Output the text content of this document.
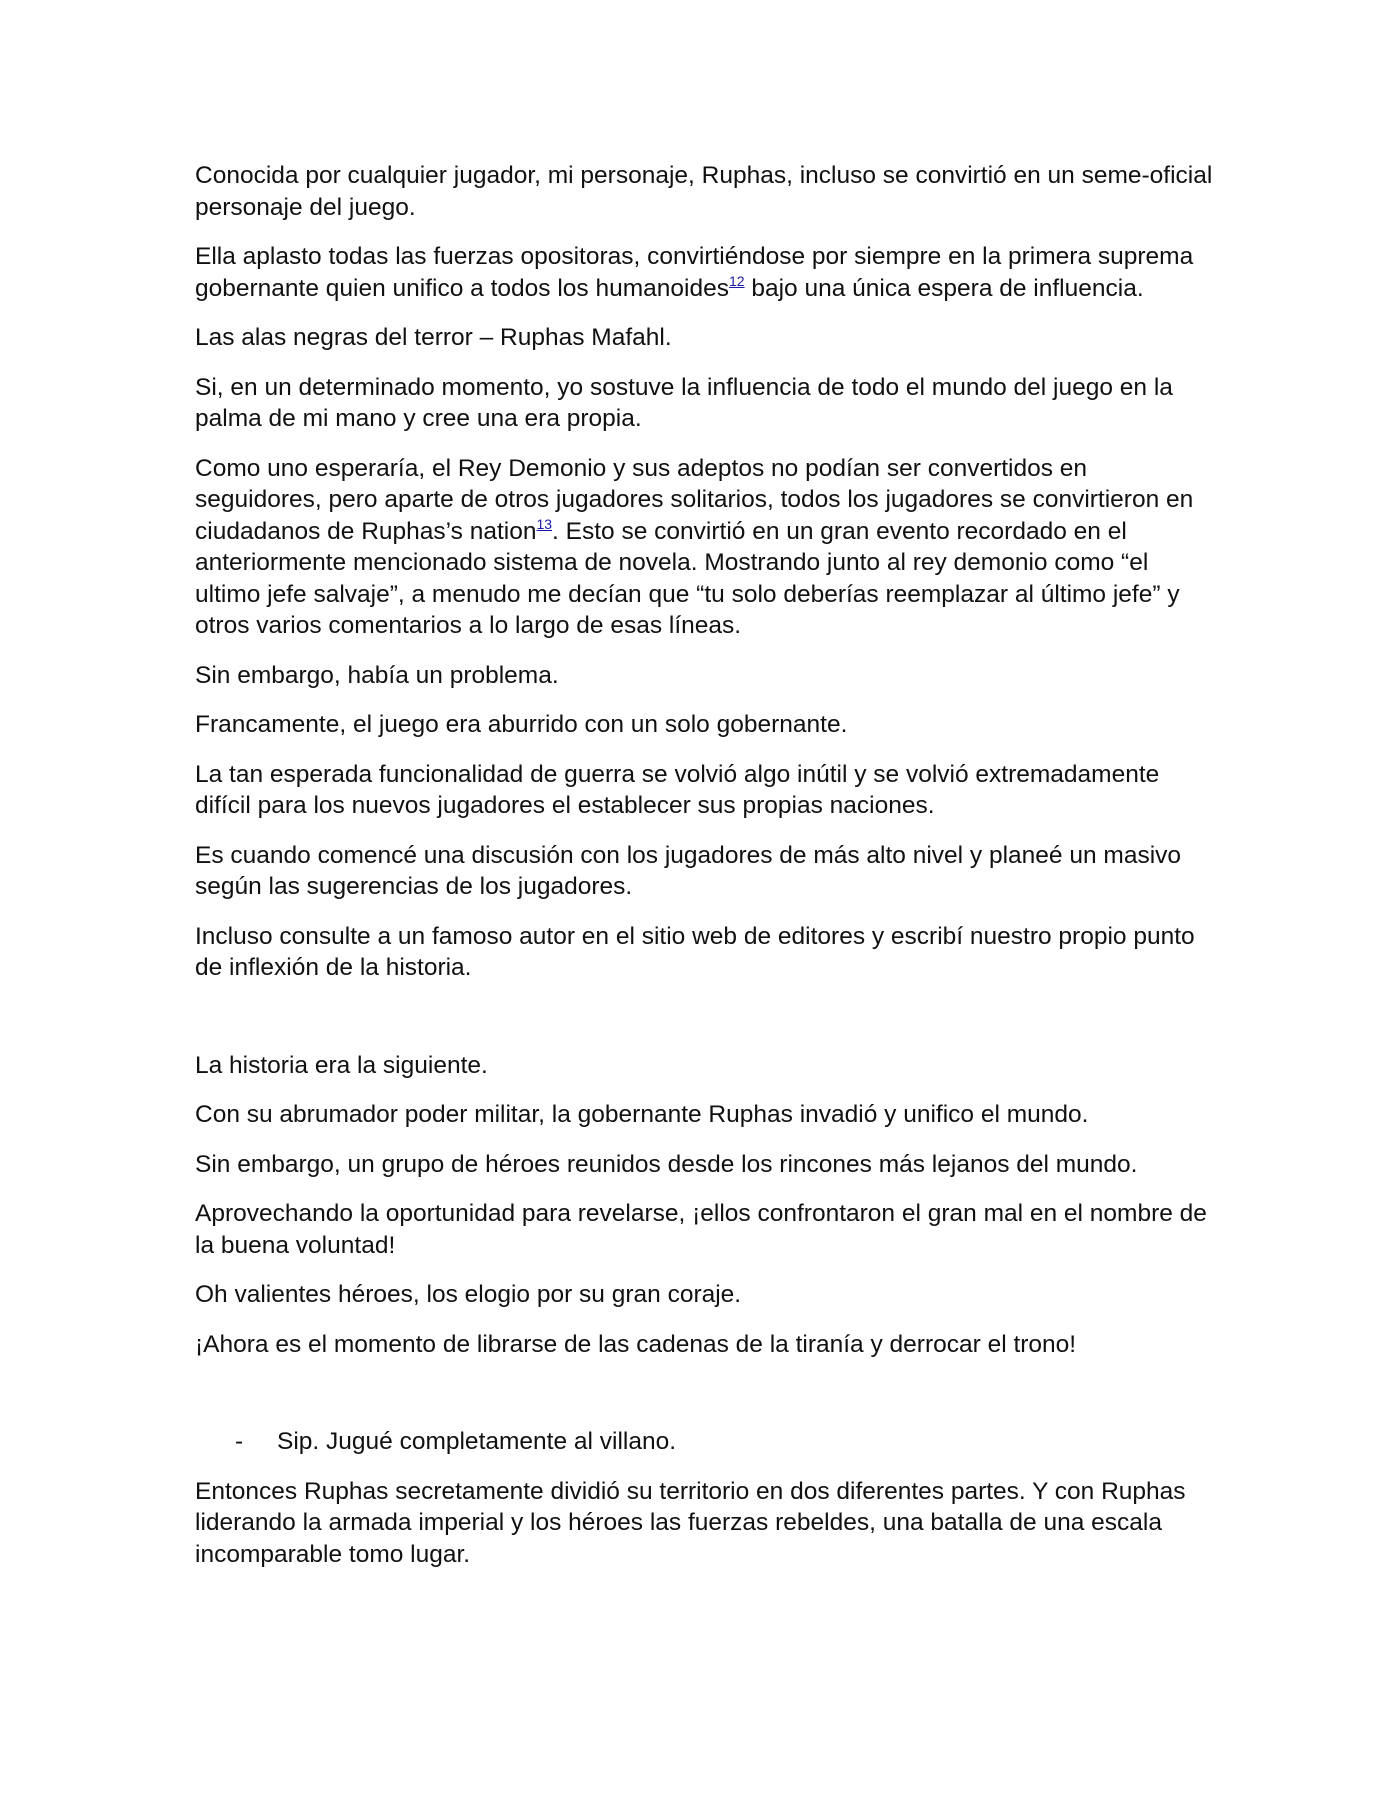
Conocida por cualquier jugador, mi personaje, Ruphas, incluso se convirtió en un seme-oficial personaje del juego.

Ella aplasto todas las fuerzas opositoras, convirtiéndose por siempre en la primera suprema gobernante quien unifico a todos los humanoides$^{12}$ bajo una única espera de influencia.

Las alas negras del terror – Ruphas Mafahl.

Si, en un determinado momento, yo sostuve la influencia de todo el mundo del juego en la palma de mi mano y cree una era propia.

Como uno esperaría, el Rey Demonio y sus adeptos no podían ser convertidos en seguidores, pero aparte de otros jugadores solitarios, todos los jugadores se convirtieron en ciudadanos de Ruphas’s nation$^{13}$. Esto se convirtió en un gran evento recordado en el anteriormente mencionado sistema de novela. Mostrando junto al rey demonio como “el ultimo jefe salvaje”, a menudo me decían que “tu solo deberías reemplazar al último jefe” y otros varios comentarios a lo largo de esas líneas.

Sin embargo, había un problema.

Francamente, el juego era aburrido con un solo gobernante.

La tan esperada funcionalidad de guerra se volvió algo inútil y se volvió extremadamente difícil para los nuevos jugadores el establecer sus propias naciones.

Es cuando comencé una discusión con los jugadores de más alto nivel y planeé un masivo según las sugerencias de los jugadores.

Incluso consulte a un famoso autor en el sitio web de editores y escribí nuestro propio punto de inflexión de la historia.

La historia era la siguiente.

Con su abrumador poder militar, la gobernante Ruphas invadió y unifico el mundo.

Sin embargo, un grupo de héroes reunidos desde los rincones más lejanos del mundo.

Aprovechando la oportunidad para revelarse, ¡ellos confrontaron el gran mal en el nombre de la buena voluntad!

Oh valientes héroes, los elogio por su gran coraje.

¡Ahora es el momento de librarse de las cadenas de la tiranía y derrocar el trono!

-	Sip. Jugué completamente al villano.

Entonces Ruphas secretamente dividió su territorio en dos diferentes partes. Y con Ruphas liderando la armada imperial y los héroes las fuerzas rebeldes, una batalla de una escala incomparable tomo lugar.
